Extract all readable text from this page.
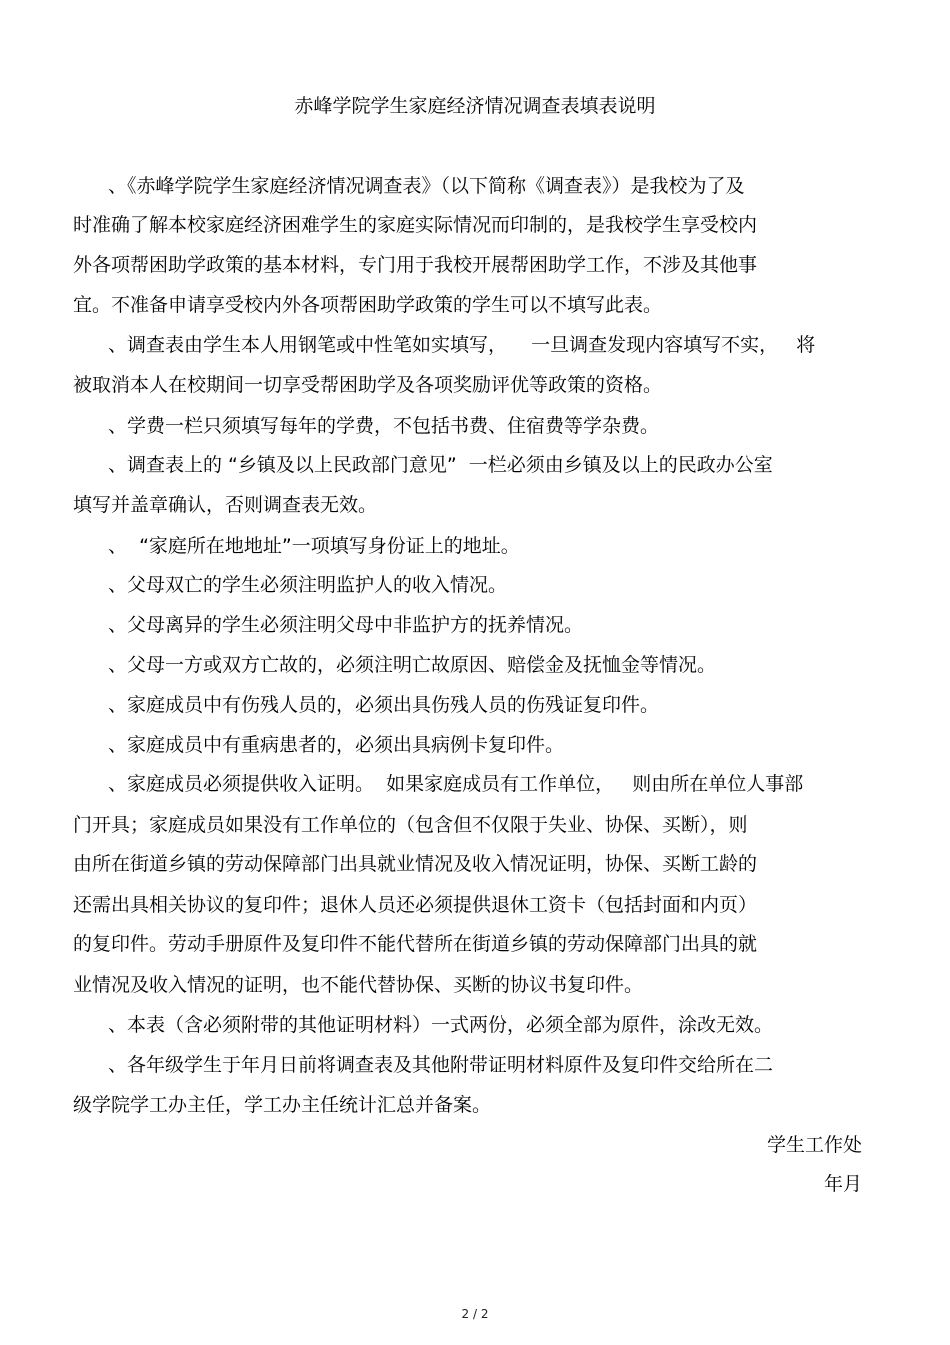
赤峰学院学生家庭经济情况调查表填表说明
、《赤峰学院学生家庭经济情况调查表》（以下简称《调查表》）是我校为了及
时准确了解本校家庭经济困难学生的家庭实际情况而印制的，是我校学生享受校内
外各项帮困助学政策的基本材料，专门用于我校开展帮困助学工作，不涉及其他事
宜。不准备申请享受校内外各项帮困助学政策的学生可以不填写此表。
、调查表由学生本人用钢笔或中性笔如实填写，    一旦调查发现内容填写不实，   将
被取消本人在校期间一切享受帮困助学及各项奖励评优等政策的资格。
、学费一栏只须填写每年的学费，不包括书费、住宿费等学杂费。
、调查表上的 “乡镇及以上民政部门意见”  一栏必须由乡镇及以上的民政办公室
填写并盖章确认，否则调查表无效。
、  “家庭所在地地址”一项填写身份证上的地址。
、父母双亡的学生必须注明监护人的收入情况。
、父母离异的学生必须注明父母中非监护方的抚养情况。
、父母一方或双方亡故的，必须注明亡故原因、赔偿金及抚恤金等情况。
、家庭成员中有伤残人员的，必须出具伤残人员的伤残证复印件。
、家庭成员中有重病患者的，必须出具病例卡复印件。
、家庭成员必须提供收入证明。  如果家庭成员有工作单位，   则由所在单位人事部
门开具；家庭成员如果没有工作单位的（包含但不仅限于失业、协保、买断），则
由所在街道乡镇的劳动保障部门出具就业情况及收入情况证明，协保、买断工龄的
还需出具相关协议的复印件；退休人员还必须提供退休工资卡（包括封面和内页）
的复印件。劳动手册原件及复印件不能代替所在街道乡镇的劳动保障部门出具的就
业情况及收入情况的证明，也不能代替协保、买断的协议书复印件。
、本表（含必须附带的其他证明材料）一式两份，必须全部为原件，涂改无效。
、各年级学生于年月日前将调查表及其他附带证明材料原件及复印件交给所在二
级学院学工办主任，学工办主任统计汇总并备案。
学生工作处
年月
2 / 2
